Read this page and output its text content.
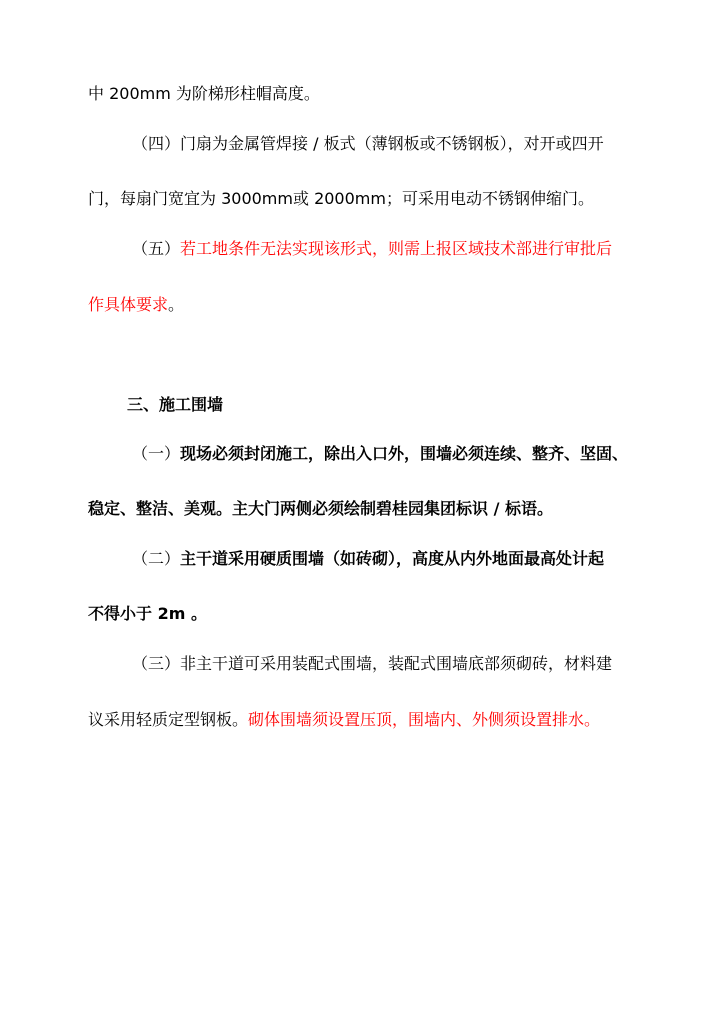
中 200mm 为阶梯形柱帽高度。
（四）门扇为金属管焊接 / 板式（薄钢板或不锈钢板），对开或四开
门，每扇门宽宜为 3000mm或 2000mm；可采用电动不锈钢伸缩门。
（五）若工地条件无法实现该形式，则需上报区域技术部进行审批后
作具体要求。
三、施工围墙
（一）现场必须封闭施工，除出入口外，围墙必须连续、整齐、坚固、
稳定、整洁、美观。主大门两侧必须绘制碧桂园集团标识 / 标语。
（二）主干道采用硬质围墙（如砖砌），高度从内外地面最高处计起
不得小于 2m 。
（三）非主干道可采用装配式围墙，装配式围墙底部须砌砖，材料建
议采用轻质定型钢板。砌体围墙须设置压顶，围墙内、外侧须设置排水。
